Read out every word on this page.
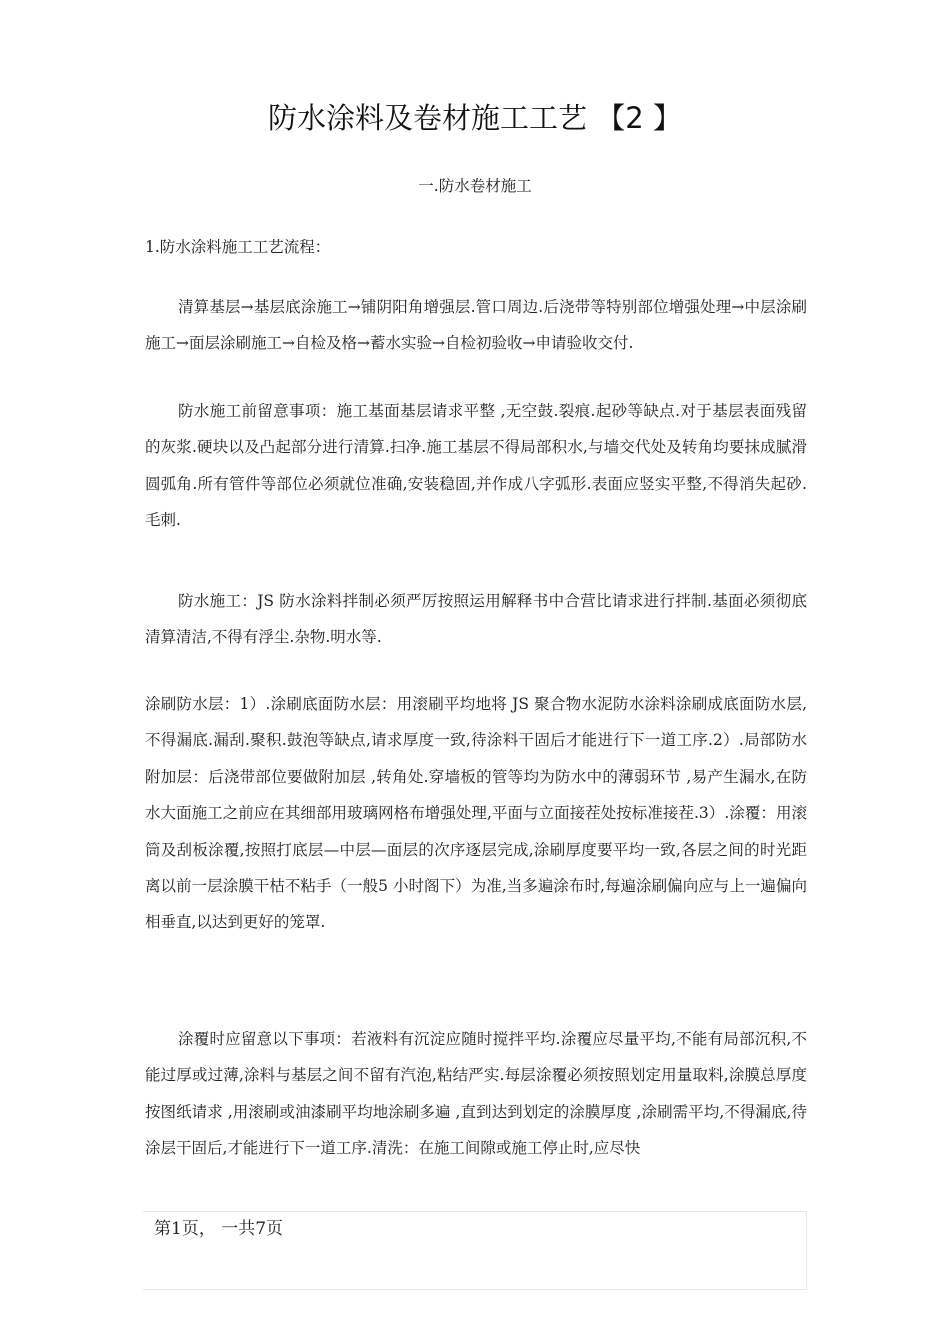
防水涂料及卷材施工工艺 【2 】
一.防水卷材施工

1.防水涂料施工工艺流程：

清算基层→基层底涂施工→铺阴阳角增强层.管口周边.后浇带等特别部位增强处理→中层涂刷施工→面层涂刷施工→自检及格→蓄水实验→自检初验收→申请验收交付.

防水施工前留意事项：施工基面基层请求平整 ,无空鼓.裂痕.起砂等缺点.对于基层表面残留的灰浆.硬块以及凸起部分进行清算.扫净.施工基层不得局部积水,与墙交代处及转角均要抹成腻滑圆弧角.所有管件等部位必须就位准确,安装稳固,并作成八字弧形.表面应竖实平整,不得消失起砂.毛刺.

防水施工：JS 防水涂料拌制必须严厉按照运用解释书中合营比请求进行拌制.基面必须彻底清算清洁,不得有浮尘.杂物.明水等.

涂刷防水层：1）.涂刷底面防水层：用滚刷平均地将 JS 聚合物水泥防水涂料涂刷成底面防水层,不得漏底.漏刮.聚积.鼓泡等缺点,请求厚度一致,待涂料干固后才能进行下一道工序.2）.局部防水附加层：后浇带部位要做附加层 ,转角处.穿墙板的管等均为防水中的薄弱环节 ,易产生漏水,在防水大面施工之前应在其细部用玻璃网格布增强处理,平面与立面接茬处按标准接茬.3）.涂覆：用滚筒及刮板涂覆,按照打底层—中层—面层的次序逐层完成,涂刷厚度要平均一致,各层之间的时光距离以前一层涂膜干枯不粘手（一般5 小时阁下）为准,当多遍涂布时,每遍涂刷偏向应与上一遍偏向相垂直,以达到更好的笼罩.

涂覆时应留意以下事项：若液料有沉淀应随时搅拌平均.涂覆应尽量平均,不能有局部沉积,不能过厚或过薄,涂料与基层之间不留有汽泡,粘结严实.每层涂覆必须按照划定用量取料,涂膜总厚度按图纸请求 ,用滚刷或油漆刷平均地涂刷多遍 ,直到达到划定的涂膜厚度 ,涂刷需平均,不得漏底,待涂层干固后,才能进行下一道工序.清洗：在施工间隙或施工停止时,应尽快

第1页， 一共7页
